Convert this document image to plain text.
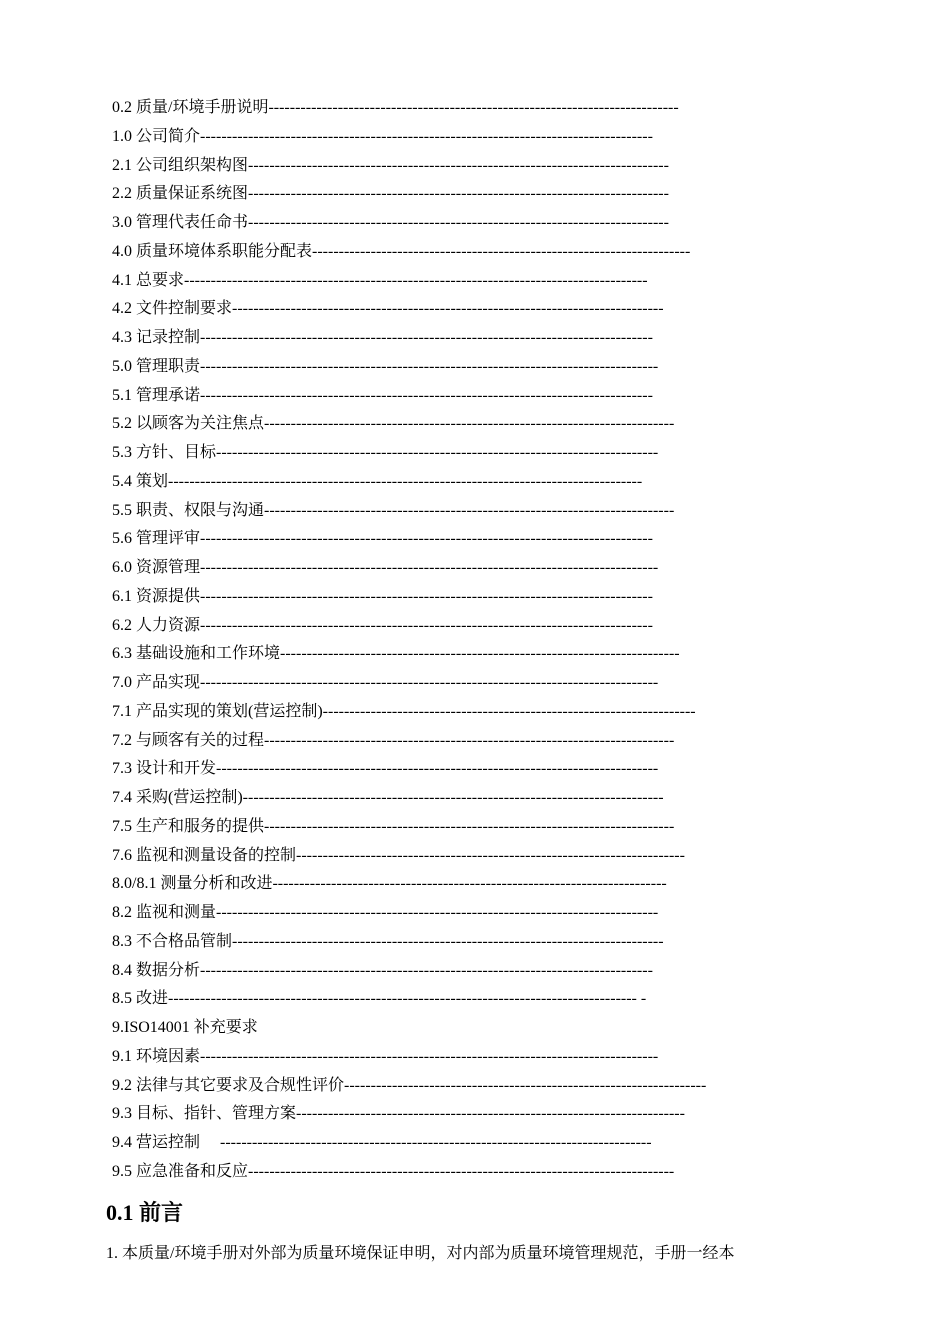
0.2 质量/环境手册说明-----------------------------------------------------------------------------
1.0 公司简介-------------------------------------------------------------------------------------
2.1 公司组织架构图-------------------------------------------------------------------------------
2.2 质量保证系统图-------------------------------------------------------------------------------
3.0 管理代表任命书-------------------------------------------------------------------------------
4.0 质量环境体系职能分配表-----------------------------------------------------------------------
4.1 总要求---------------------------------------------------------------------------------------
4.2 文件控制要求---------------------------------------------------------------------------------
4.3 记录控制-------------------------------------------------------------------------------------
5.0 管理职责--------------------------------------------------------------------------------------
5.1 管理承诺-------------------------------------------------------------------------------------
5.2 以顾客为关注焦点-----------------------------------------------------------------------------
5.3 方针、目标-----------------------------------------------------------------------------------
5.4 策划-----------------------------------------------------------------------------------------
5.5 职责、权限与沟通-----------------------------------------------------------------------------
5.6 管理评审-------------------------------------------------------------------------------------
6.0 资源管理--------------------------------------------------------------------------------------
6.1 资源提供-------------------------------------------------------------------------------------
6.2 人力资源-------------------------------------------------------------------------------------
6.3 基础设施和工作环境---------------------------------------------------------------------------
7.0 产品实现--------------------------------------------------------------------------------------
7.1 产品实现的策划(营运控制)----------------------------------------------------------------------
7.2 与顾客有关的过程-----------------------------------------------------------------------------
7.3 设计和开发-----------------------------------------------------------------------------------
7.4 采购(营运控制)-------------------------------------------------------------------------------
7.5 生产和服务的提供-----------------------------------------------------------------------------
7.6 监视和测量设备的控制-------------------------------------------------------------------------
8.0/8.1 测量分析和改进--------------------------------------------------------------------------
8.2 监视和测量-----------------------------------------------------------------------------------
8.3 不合格品管制---------------------------------------------------------------------------------
8.4 数据分析-------------------------------------------------------------------------------------
8.5 改进---------------------------------------------------------------------------------------- -
9.ISO14001 补充要求
9.1 环境因素--------------------------------------------------------------------------------------
9.2 法律与其它要求及合规性评价--------------------------------------------------------------------
9.3 目标、指针、管理方案-------------------------------------------------------------------------
9.4 营运控制　 ---------------------------------------------------------------------------------
9.5 应急准备和反应--------------------------------------------------------------------------------
0.1 前言

1. 本质量/环境手册对外部为质量环境保证申明，对内部为质量环境管理规范，手册一经本
